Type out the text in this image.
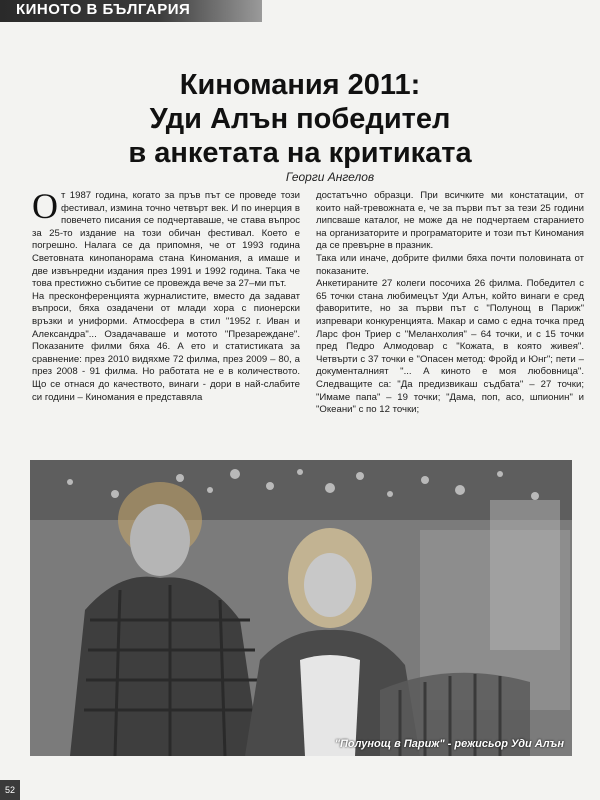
КИНОТО В БЪЛГАРИЯ
Киномания 2011:
Уди Алън победител
в анкетата на критиката
Георги Ангелов

От 1987 година, когато за пръв път се проведе този фестивал, измина точно четвърт век. И по инерция в повечето писания се подчертаваше, че става въпрос за 25-то издание на този обичан фестивал. Което е погрешно. Налага се да припомня, че от 1993 година Световната кинопанорама стана Киномания, а имаше и две извънредни издания през 1991 и 1992 година. Така че това престижно събитие се провежда вече за 27–ми път.

На пресконференцията журналистите, вместо да задават въпроси, бяха озадачени от млади хора с пионерски връзки и униформи. Атмосфера в стил "1952 г. Иван и Александра"... Озадачаваше и мотото "Презареждане". Показаните филми бяха 46. А ето и статистиката за сравнение: през 2010 видяхме 72 филма, през 2009 – 80, а през 2008 - 91 филма. Но работата не е в количеството. Що се отнася до качеството, винаги - дори в най-слабите си години – Киномания е представяла

достатъчно образци. При всичките ми констатации, от които най-тревожната е, че за първи път за тези 25 години липсваше каталог, не може да не подчертаем старанието на организаторите и програматорите и този път Киномания да се превърне в празник.

Така или иначе, добрите филми бяха почти половината от показаните.

Анкетираните 27 колеги посочиха 26 филма. Победител с 65 точки стана любимецът Уди Алън, който винаги е сред фаворитите, но за първи път с "Полунощ в Париж" изпревари конкуренцията. Макар и само с една точка пред Ларс фон Триер с "Меланхолия" – 64 точки, и с 15 точки пред Педро Алмодовар с "Кожата, в която живея". Четвърти с 37 точки е "Опасен метод: Фройд и Юнг"; пети – документалният "... А киното е моя любовница". Следващите са: "Да предизвикаш съдбата" – 27 точки; "Имаме папа" – 19 точки; "Дама, поп, асо, шпионин" и "Океани" с по 12 точки;

"Полунощ в Париж" - режисьор Уди Алън
52
